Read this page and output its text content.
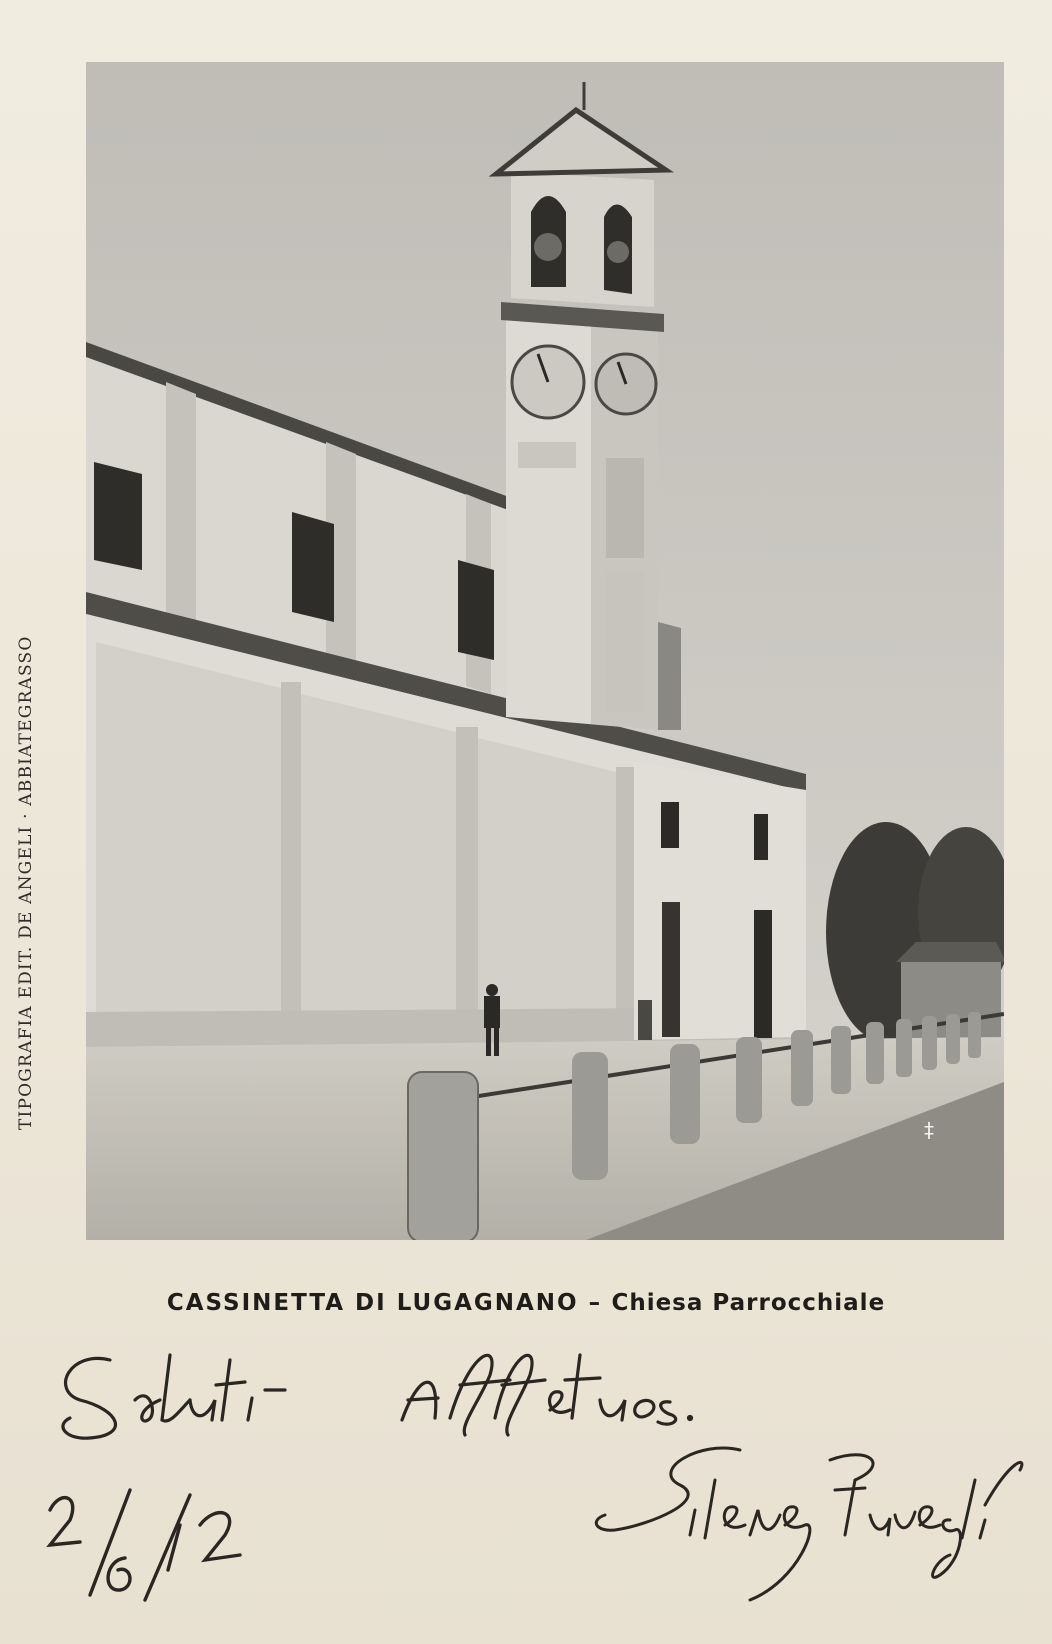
TIPOGRAFIA EDIT. DE ANGELI · ABBIATEGRASSO	‡
CASSINETTA DI LUGAGNANO – Chiesa Parrocchiale
